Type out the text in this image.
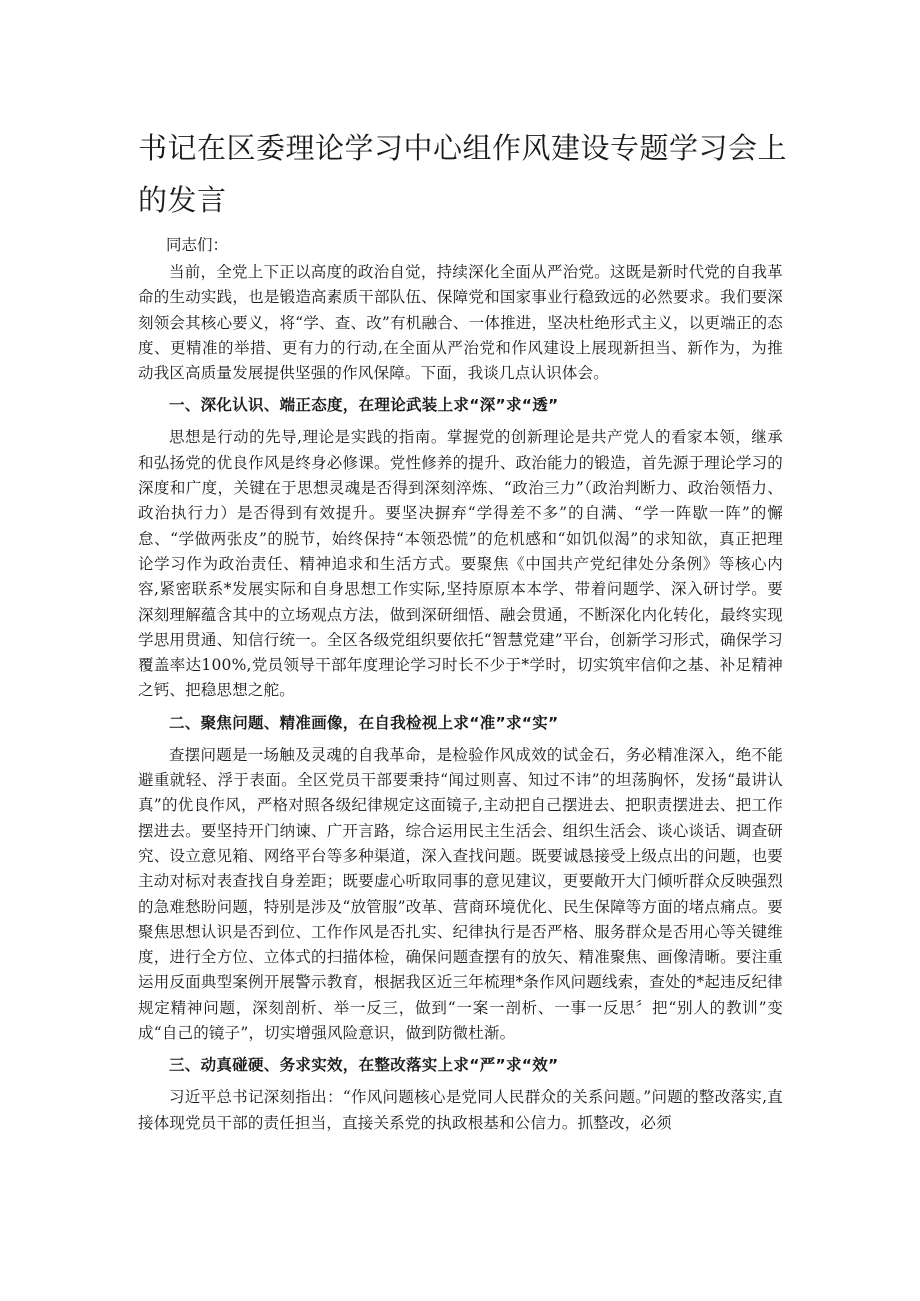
书记在区委理论学习中心组作风建设专题学习会上的发言

同志们：

当前，全党上下正以高度的政治自觉，持续深化全面从严治党。这既是新时代党的自我革命的生动实践，也是锻造高素质干部队伍、保障党和国家事业行稳致远的必然要求。我们要深刻领会其核心要义，将“学、查、改”有机融合、一体推进，坚决杜绝形式主义，以更端正的态度、更精准的举措、更有力的行动,在全面从严治党和作风建设上展现新担当、新作为，为推动我区高质量发展提供坚强的作风保障。下面，我谈几点认识体会。

一、深化认识、端正态度，在理论武装上求“深”求“透”

思想是行动的先导,理论是实践的指南。掌握党的创新理论是共产党人的看家本领，继承和弘扬党的优良作风是终身必修课。党性修养的提升、政治能力的锻造，首先源于理论学习的深度和广度，关键在于思想灵魂是否得到深刻淬炼、“政治三力”（政治判断力、政治领悟力、政治执行力）是否得到有效提升。要坚决摒弃“学得差不多”的自满、“学一阵歇一阵”的懈怠、“学做两张皮”的脱节，始终保持“本领恐慌”的危机感和“如饥似渴”的求知欲，真正把理论学习作为政治责任、精神追求和生活方式。要聚焦《中国共产党纪律处分条例》等核心内容,紧密联系*发展实际和自身思想工作实际,坚持原原本本学、带着问题学、深入研讨学。要深刻理解蕴含其中的立场观点方法，做到深研细悟、融会贯通，不断深化内化转化，最终实现学思用贯通、知信行统一。全区各级党组织要依托“智慧党建”平台，创新学习形式，确保学习覆盖率达100%,党员领导干部年度理论学习时长不少于*学时，切实筑牢信仰之基、补足精神之钙、把稳思想之舵。

二、聚焦问题、精准画像，在自我检视上求“准”求“实”

查摆问题是一场触及灵魂的自我革命，是检验作风成效的试金石，务必精准深入，绝不能避重就轻、浮于表面。全区党员干部要秉持“闻过则喜、知过不讳”的坦荡胸怀，发扬“最讲认真”的优良作风，严格对照各级纪律规定这面镜子,主动把自己摆进去、把职责摆进去、把工作摆进去。要坚持开门纳谏、广开言路，综合运用民主生活会、组织生活会、谈心谈话、调查研究、设立意见箱、网络平台等多种渠道，深入查找问题。既要诚恳接受上级点出的问题，也要主动对标对表查找自身差距；既要虚心听取同事的意见建议，更要敞开大门倾听群众反映强烈的急难愁盼问题，特别是涉及“放管服”改革、营商环境优化、民生保障等方面的堵点痛点。要聚焦思想认识是否到位、工作作风是否扎实、纪律执行是否严格、服务群众是否用心等关键维度，进行全方位、立体式的扫描体检，确保问题查摆有的放矢、精准聚焦、画像清晰。要注重运用反面典型案例开展警示教育，根据我区近三年梳理*条作风问题线索，查处的*起违反纪律规定精神问题，深刻剖析、举一反三，做到“一案一剖析、一事一反思〞把“别人的教训”变成“自己的镜子”，切实增强风险意识，做到防微杜渐。

三、动真碰硬、务求实效，在整改落实上求“严”求“效”

习近平总书记深刻指出：“作风问题核心是党同人民群众的关系问题。”问题的整改落实,直接体现党员干部的责任担当，直接关系党的执政根基和公信力。抓整改，必须
